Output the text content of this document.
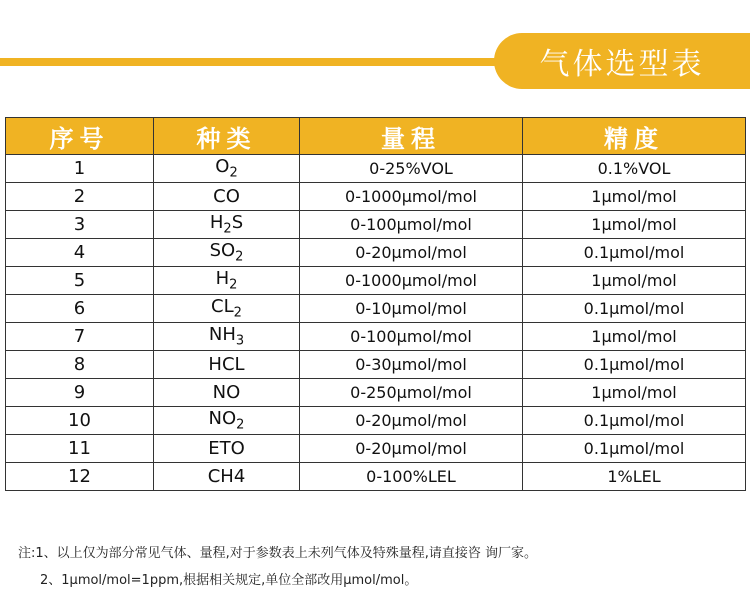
气体选型表
序号	种类	量程	精度
1	$O_2$	0-25%VOL	0.1%VOL
2	CO	0-1000μmol/mol	1μmol/mol
3	$H_2S$	0-100μmol/mol	1μmol/mol
4	$SO_2$	0-20μmol/mol	0.1μmol/mol
5	$H_2$	0-1000μmol/mol	1μmol/mol
6	$CL_2$	0-10μmol/mol	0.1μmol/mol
7	$NH_3$	0-100μmol/mol	1μmol/mol
8	HCL	0-30μmol/mol	0.1μmol/mol
9	NO	0-250μmol/mol	1μmol/mol
10	$NO_2$	0-20μmol/mol	0.1μmol/mol
11	ETO	0-20μmol/mol	0.1μmol/mol
12	CH4	0-100%LEL	1%LEL
注:1、以上仅为部分常见气体、量程,对于参数表上未列气体及特殊量程,请直接咨 询厂家。
2、1μmol/mol=1ppm,根据相关规定,单位全部改用μmol/mol。
